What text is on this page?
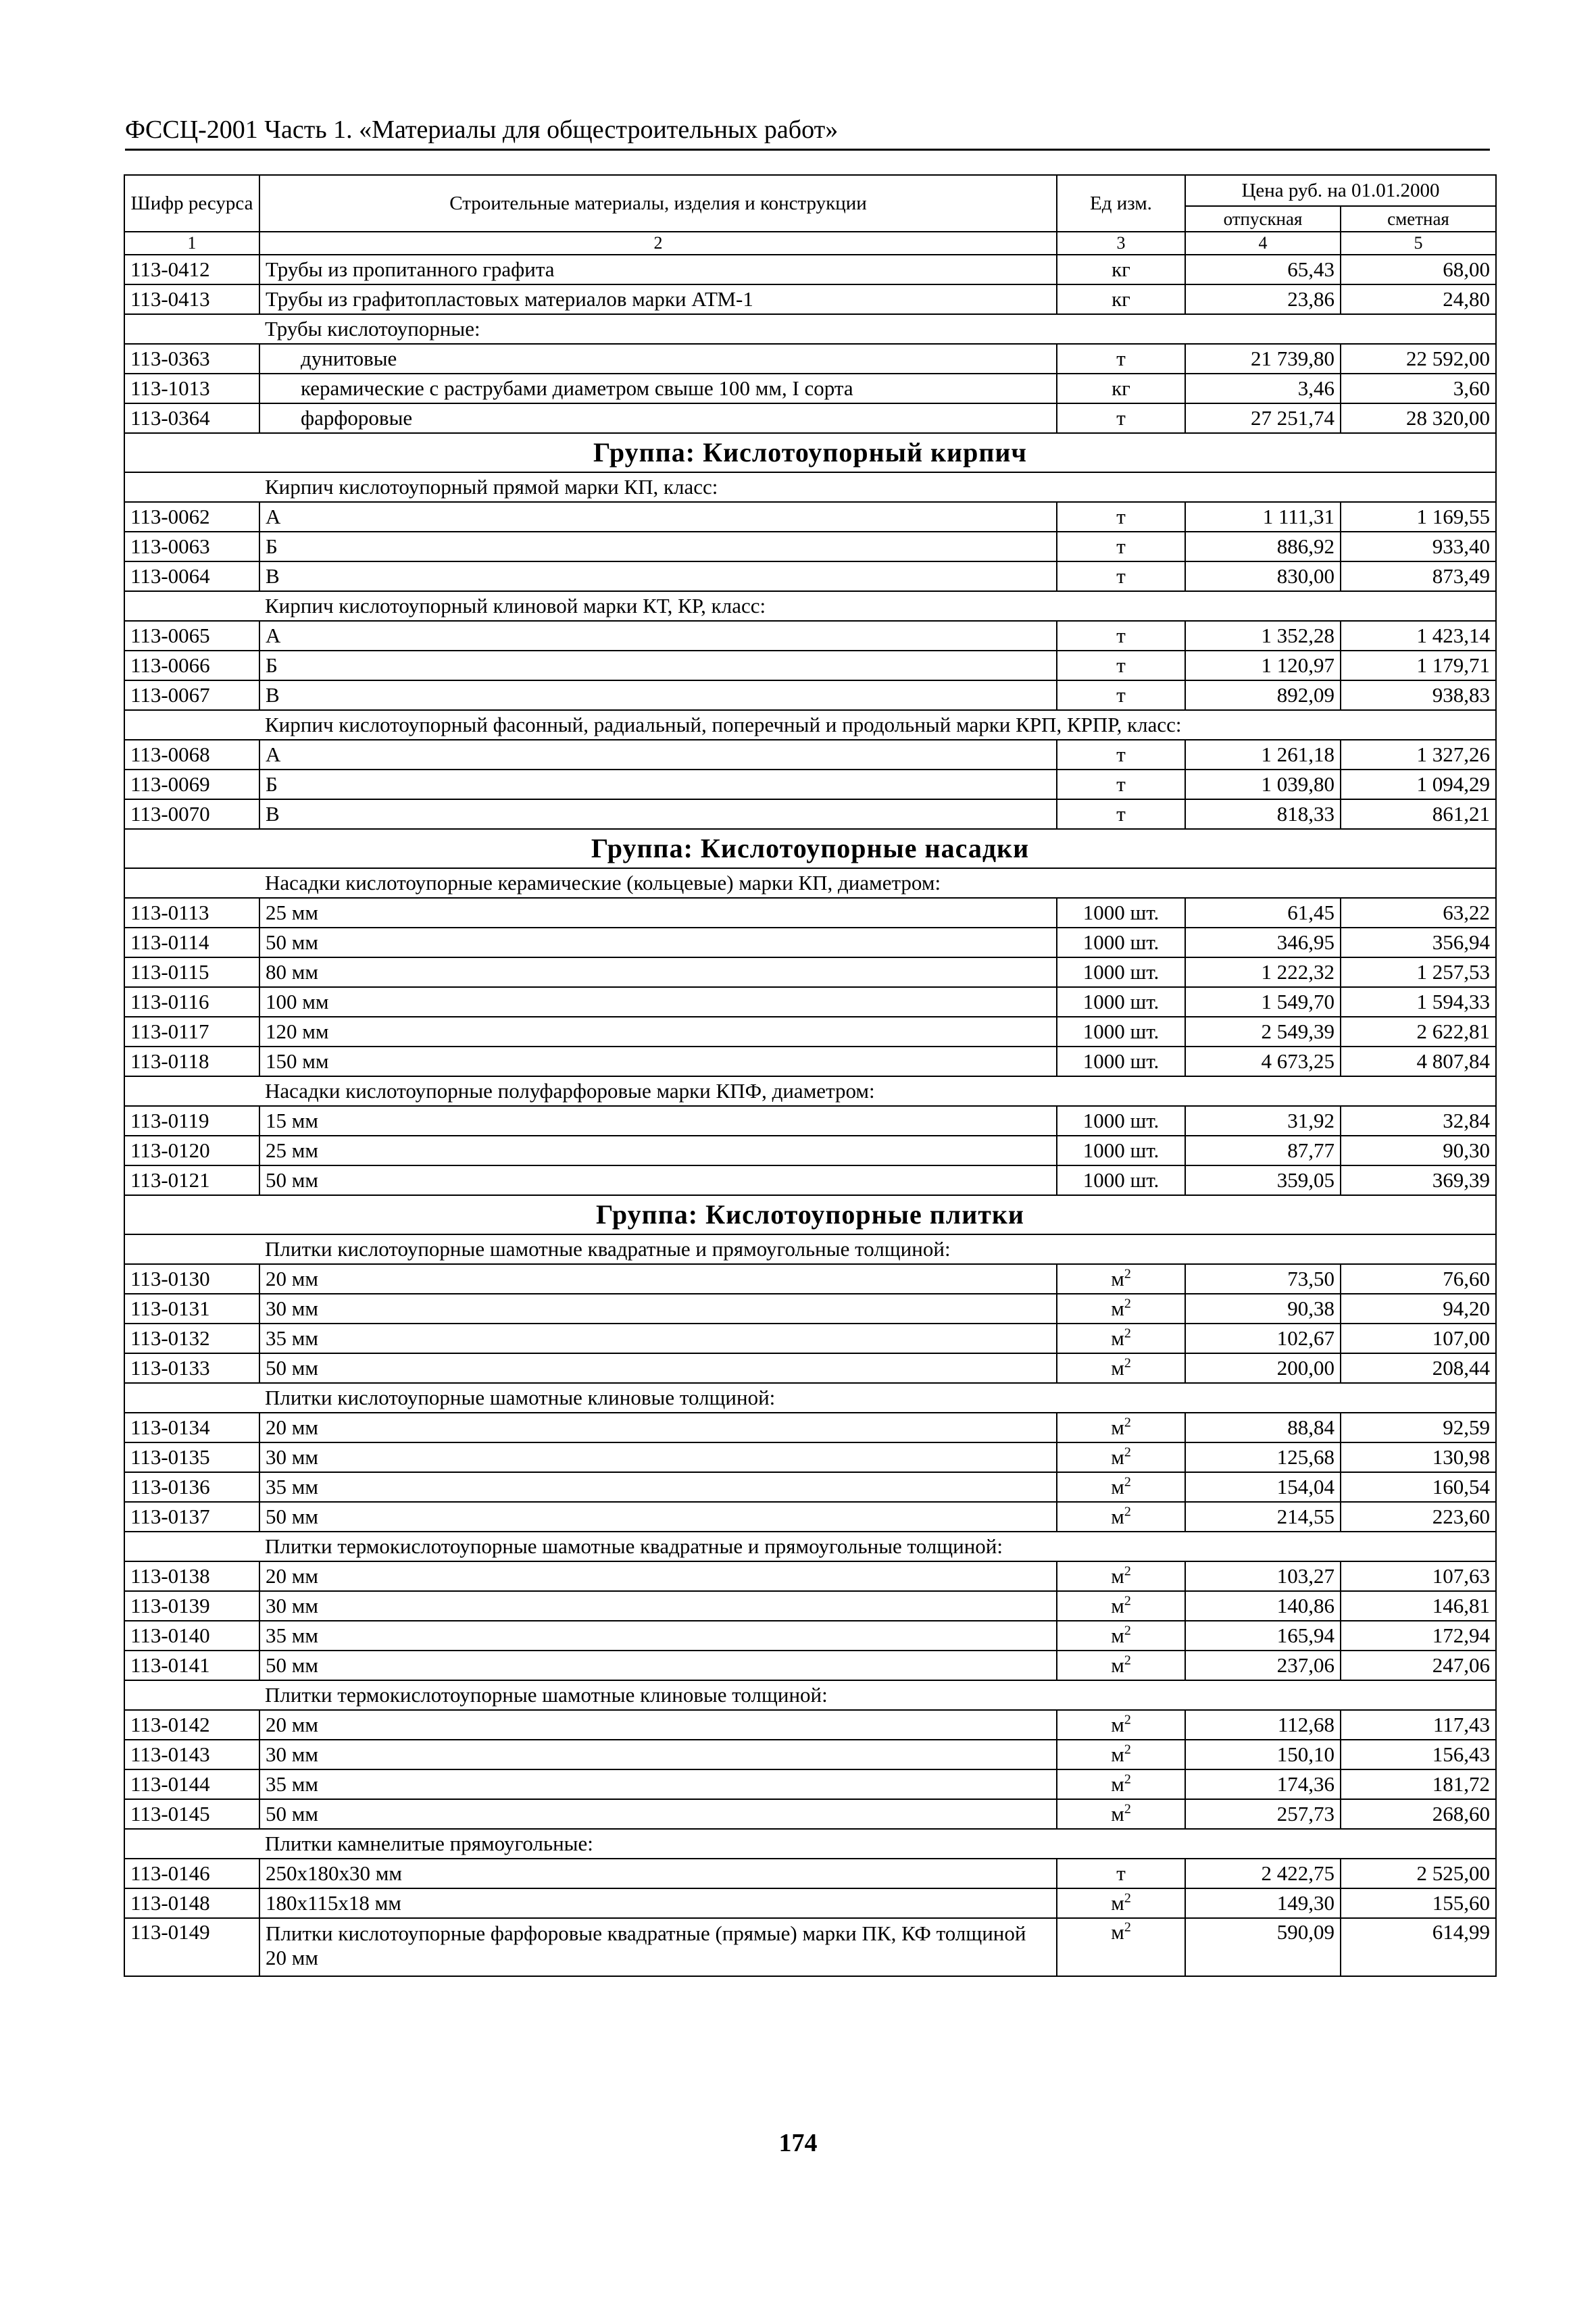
ФССЦ-2001 Часть 1. «Материалы для общестроительных работ»
Шифр ресурса	Строительные материалы, изделия и конструкции	Ед изм.	Цена руб. на 01.01.2000	
			отпускная	сметная
1	2	3	4	5
113-0412	Трубы из пропитанного графита	кг	65,43	68,00
113-0413	Трубы из графитопластовых материалов марки АТМ-1	кг	23,86	24,80
	Трубы кислотоупорные:			
113-0363	дунитовые	т	21 739,80	22 592,00
113-1013	керамические с раструбами диаметром свыше 100 мм, I сорта	кг	3,46	3,60
113-0364	фарфоровые	т	27 251,74	28 320,00
Группа: Кислотоупорный кирпич				
	Кирпич кислотоупорный прямой марки КП, класс:			
113-0062	А	т	1 111,31	1 169,55
113-0063	Б	т	886,92	933,40
113-0064	В	т	830,00	873,49
	Кирпич кислотоупорный клиновой марки КТ, КР, класс:			
113-0065	А	т	1 352,28	1 423,14
113-0066	Б	т	1 120,97	1 179,71
113-0067	В	т	892,09	938,83
	Кирпич кислотоупорный фасонный, радиальный, поперечный и продольный марки КРП, КРПР, класс:			
113-0068	А	т	1 261,18	1 327,26
113-0069	Б	т	1 039,80	1 094,29
113-0070	В	т	818,33	861,21
Группа: Кислотоупорные насадки				
	Насадки кислотоупорные керамические (кольцевые) марки КП, диаметром:			
113-0113	25 мм	1000 шт.	61,45	63,22
113-0114	50 мм	1000 шт.	346,95	356,94
113-0115	80 мм	1000 шт.	1 222,32	1 257,53
113-0116	100 мм	1000 шт.	1 549,70	1 594,33
113-0117	120 мм	1000 шт.	2 549,39	2 622,81
113-0118	150 мм	1000 шт.	4 673,25	4 807,84
	Насадки кислотоупорные полуфарфоровые марки КПФ, диаметром:			
113-0119	15 мм	1000 шт.	31,92	32,84
113-0120	25 мм	1000 шт.	87,77	90,30
113-0121	50 мм	1000 шт.	359,05	369,39
Группа: Кислотоупорные плитки				
	Плитки кислотоупорные шамотные квадратные и прямоугольные толщиной:			
113-0130	20 мм	$м^2$	73,50	76,60
113-0131	30 мм	$м^2$	90,38	94,20
113-0132	35 мм	$м^2$	102,67	107,00
113-0133	50 мм	$м^2$	200,00	208,44
	Плитки кислотоупорные шамотные клиновые толщиной:			
113-0134	20 мм	$м^2$	88,84	92,59
113-0135	30 мм	$м^2$	125,68	130,98
113-0136	35 мм	$м^2$	154,04	160,54
113-0137	50 мм	$м^2$	214,55	223,60
	Плитки термокислотоупорные шамотные квадратные и прямоугольные толщиной:			
113-0138	20 мм	$м^2$	103,27	107,63
113-0139	30 мм	$м^2$	140,86	146,81
113-0140	35 мм	$м^2$	165,94	172,94
113-0141	50 мм	$м^2$	237,06	247,06
	Плитки термокислотоупорные шамотные клиновые толщиной:			
113-0142	20 мм	$м^2$	112,68	117,43
113-0143	30 мм	$м^2$	150,10	156,43
113-0144	35 мм	$м^2$	174,36	181,72
113-0145	50 мм	$м^2$	257,73	268,60
	Плитки камнелитые прямоугольные:			
113-0146	250x180x30 мм	т	2 422,75	2 525,00
113-0148	180x115x18 мм	$м^2$	149,30	155,60
113-0149	Плитки кислотоупорные фарфоровые квадратные (прямые) марки ПК, КФ толщиной 20 мм	$м^2$	590,09	614,99
174
